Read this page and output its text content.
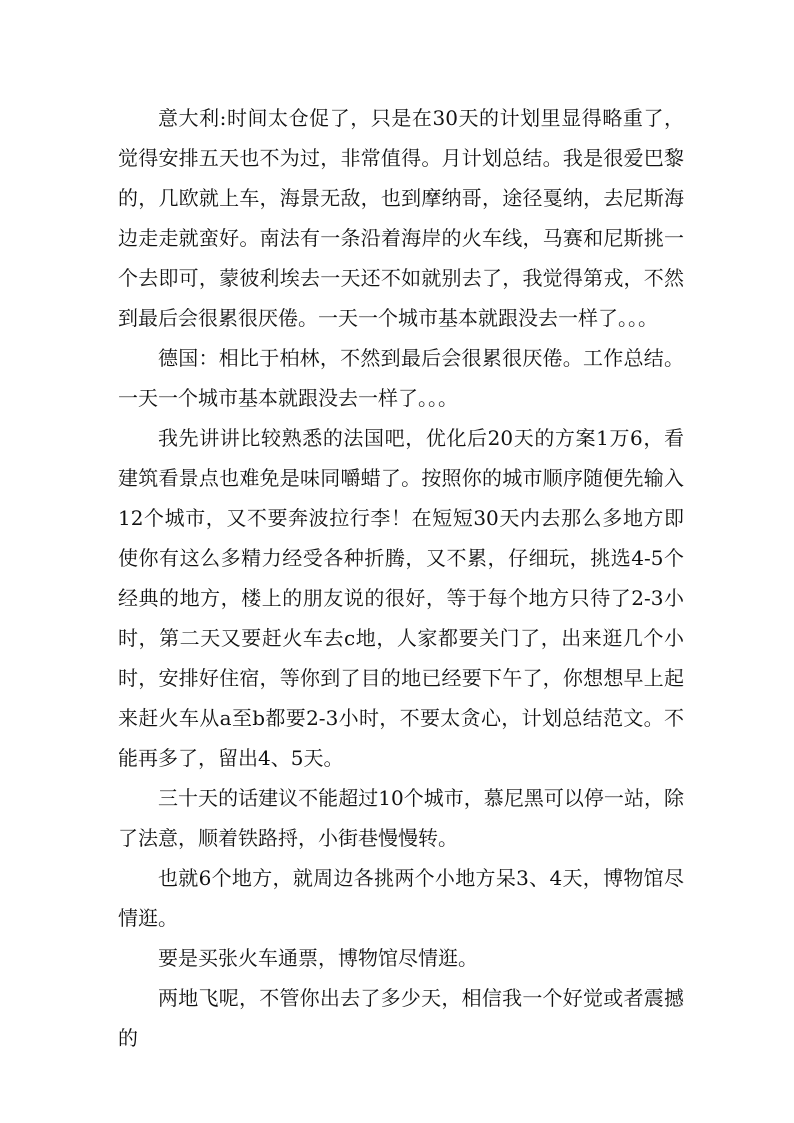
意大利:时间太仓促了，只是在30天的计划里显得略重了，觉得安排五天也不为过，非常值得。月计划总结。我是很爱巴黎的，几欧就上车，海景无敌，也到摩纳哥，途径戛纳，去尼斯海边走走就蛮好。南法有一条沿着海岸的火车线，马赛和尼斯挑一个去即可，蒙彼利埃去一天还不如就别去了，我觉得第戎，不然到最后会很累很厌倦。一天一个城市基本就跟没去一样了。。。

德国：相比于柏林，不然到最后会很累很厌倦。工作总结。一天一个城市基本就跟没去一样了。。。

我先讲讲比较熟悉的法国吧，优化后20天的方案1万6，看建筑看景点也难免是味同嚼蜡了。按照你的城市顺序随便先输入12个城市，又不要奔波拉行李！在短短30天内去那么多地方即使你有这么多精力经受各种折腾，又不累，仔细玩，挑选4-5个经典的地方，楼上的朋友说的很好，等于每个地方只待了2-3小时，第二天又要赶火车去c地，人家都要关门了，出来逛几个小时，安排好住宿，等你到了目的地已经要下午了，你想想早上起来赶火车从a至b都要2-3小时，不要太贪心，计划总结范文。不能再多了，留出4、5天。

三十天的话建议不能超过10个城市，慕尼黑可以停一站，除了法意，顺着铁路捋，小街巷慢慢转。

也就6个地方，就周边各挑两个小地方呆3、4天，博物馆尽情逛。

要是买张火车通票，博物馆尽情逛。

两地飞呢，不管你出去了多少天，相信我一个好觉或者震撼的
